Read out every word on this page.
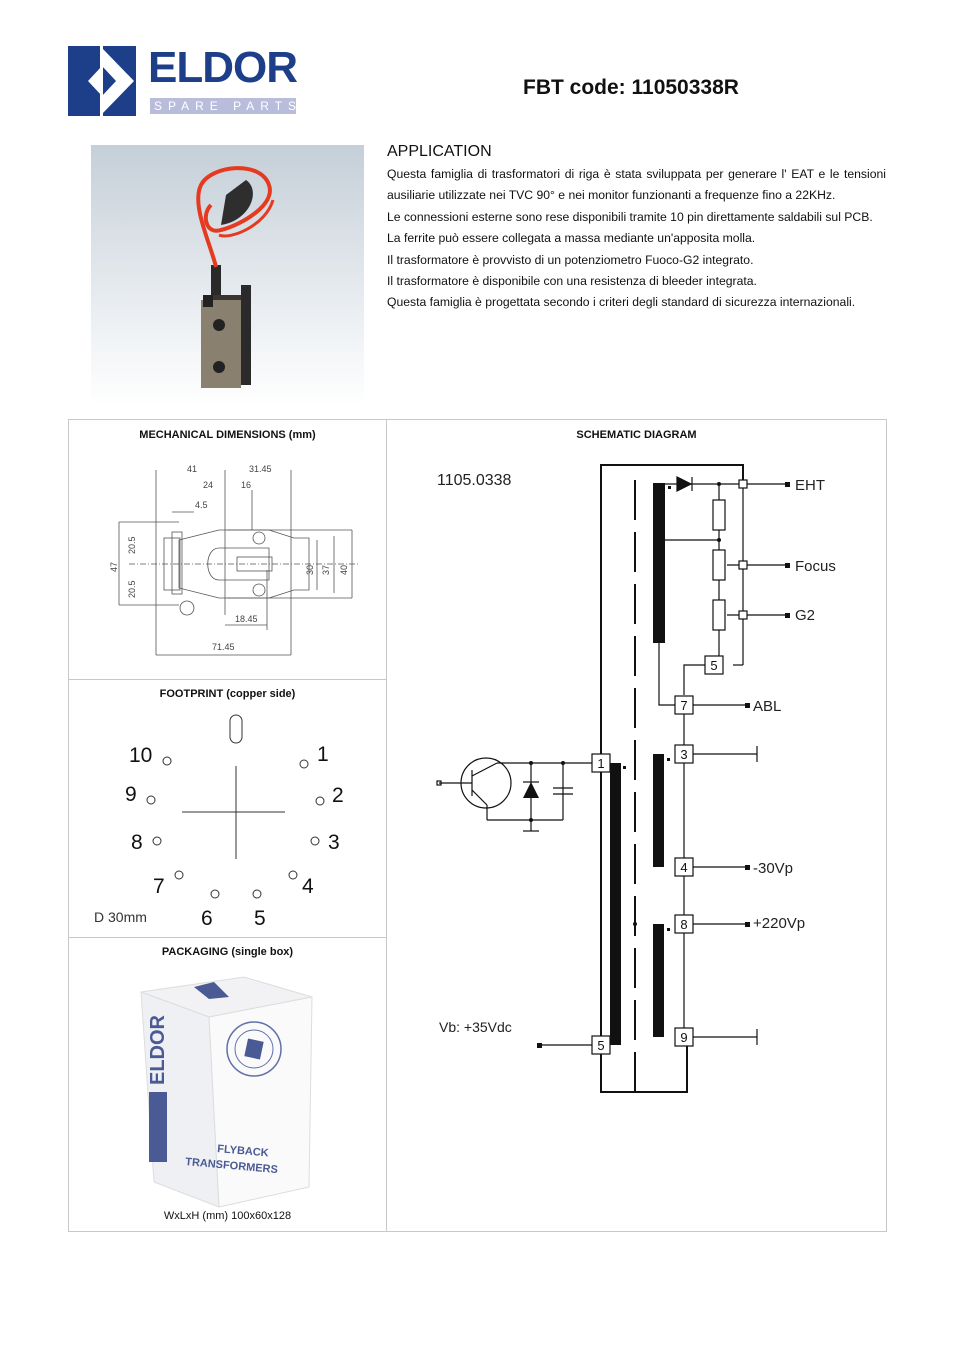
ELDOR
SPARE PARTS
FBT code: 11050338R
APPLICATION

Questa famiglia di trasformatori di riga è stata sviluppata per generare l' EAT e le tensioni ausiliarie utilizzate nei TVC 90° e nei monitor funzionanti a frequenze fino a 22KHz.

Le connessioni esterne sono rese disponibili tramite 10 pin direttamente saldabili sul PCB.

La ferrite può essere collegata a massa mediante un'apposita molla.

Il trasformatore è provvisto di un potenziometro Fuoco-G2 integrato.

Il trasformatore è disponibile con una resistenza di bleeder integrata.

Questa famiglia è progettata secondo i criteri degli standard di sicurezza internazionali.

MECHANICAL DIMENSIONS (mm)
41	31.45
24	16
4.5
47
20.5
20.5
30 37 40
18.45
71.45
FOOTPRINT (copper side)
1
2
3
4
5
6
7
8
9
10
D 30mm
PACKAGING (single box)
ELDOR
FLYBACK
TRANSFORMERS
WxLxH (mm) 100x60x128
SCHEMATIC DIAGRAM
1105.0338
5
7
3
1
4
8
9
5
EHT
Focus
G2
ABL
-30Vp
+220Vp
Vb: +35Vdc
